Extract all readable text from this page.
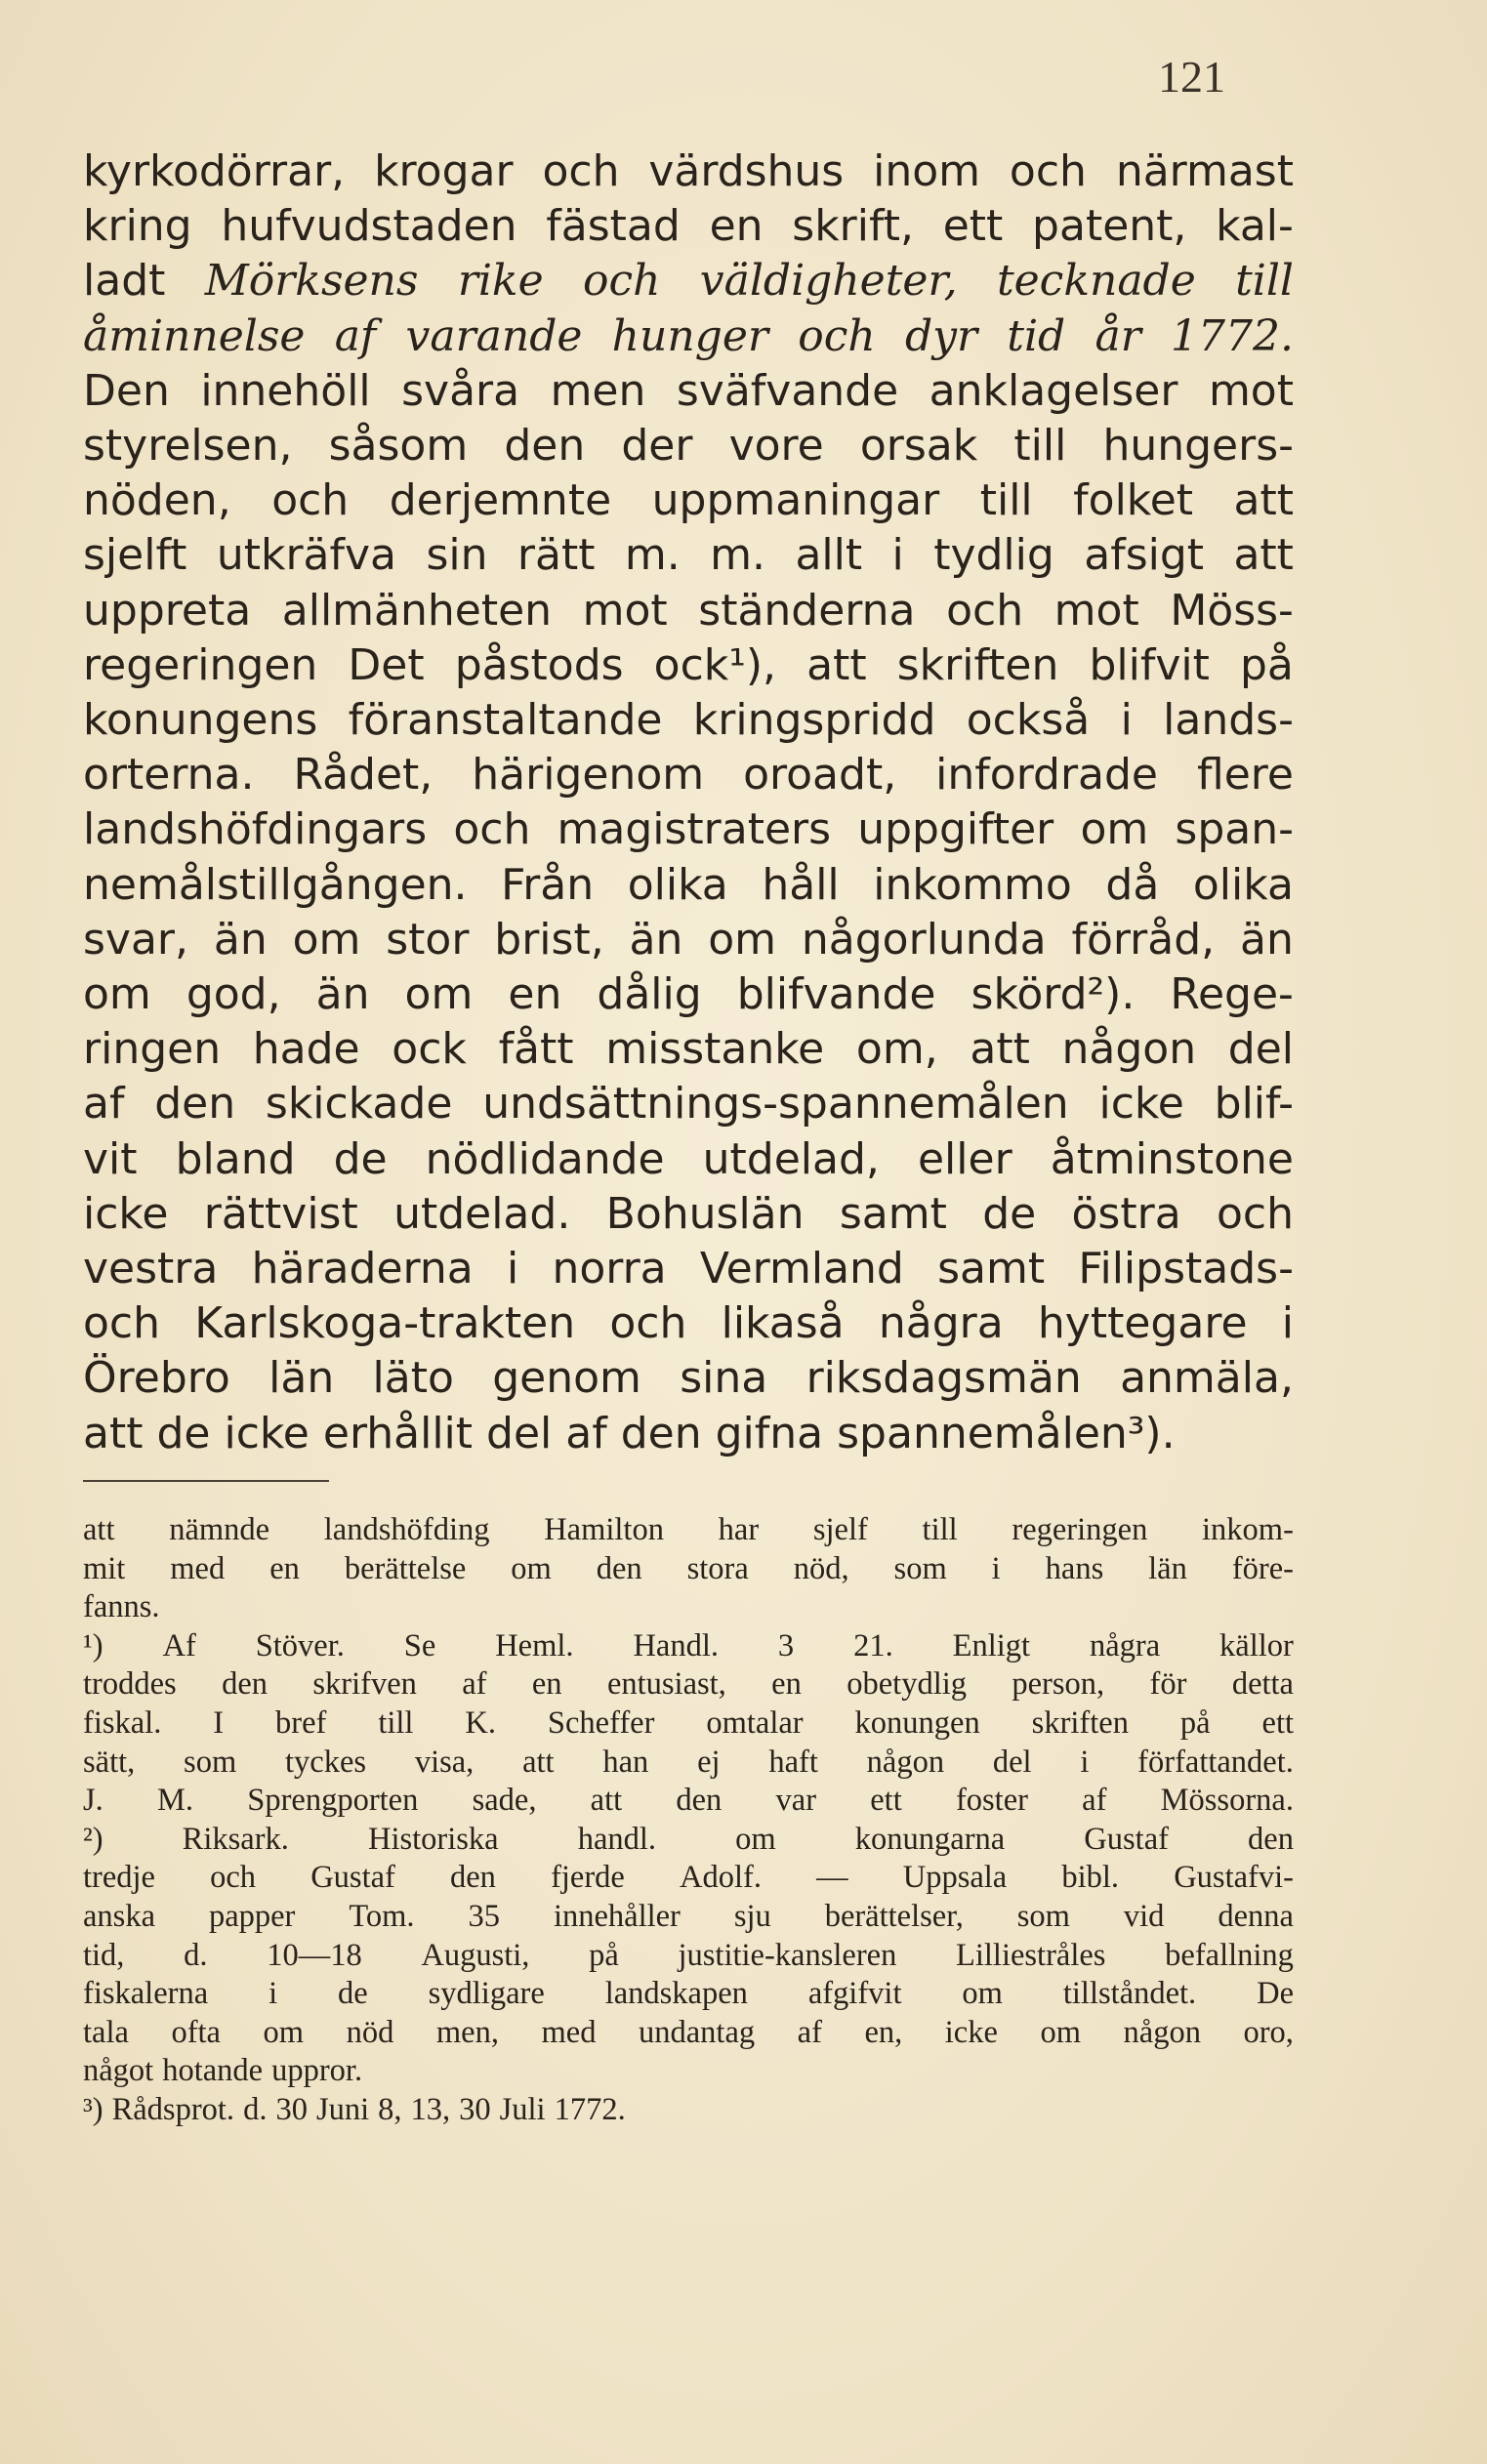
121
kyrkodörrar, krogar och värdshus inom och närmast
kring hufvudstaden fästad en skrift, ett patent, kal-
ladt Mörksens rike och väldigheter, tecknade till
åminnelse af varande hunger och dyr tid år 1772.
Den innehöll svåra men sväfvande anklagelser mot
styrelsen, såsom den der vore orsak till hungers-
nöden, och derjemnte uppmaningar till folket att
sjelft utkräfva sin rätt m. m. allt i tydlig afsigt att
uppreta allmänheten mot ständerna och mot Möss-
regeringen Det påstods ock¹), att skriften blifvit på
konungens föranstaltande kringspridd också i lands-
orterna. Rådet, härigenom oroadt, infordrade flere
landshöfdingars och magistraters uppgifter om span-
nemålstillgången. Från olika håll inkommo då olika
svar, än om stor brist, än om någorlunda förråd, än
om god, än om en dålig blifvande skörd²). Rege-
ringen hade ock fått misstanke om, att någon del
af den skickade undsättnings-spannemålen icke blif-
vit bland de nödlidande utdelad, eller åtminstone
icke rättvist utdelad. Bohuslän samt de östra och
vestra häraderna i norra Vermland samt Filipstads-
och Karlskoga-trakten och likaså några hyttegare i
Örebro län läto genom sina riksdagsmän anmäla,
att de icke erhållit del af den gifna spannemålen³).
att nämnde landshöfding Hamilton har sjelf till regeringen inkom-
mit med en berättelse om den stora nöd, som i hans län före-
fanns.
¹) Af Stöver. Se Heml. Handl. 3 21. Enligt några källor
troddes den skrifven af en entusiast, en obetydlig person, för detta
fiskal. I bref till K. Scheffer omtalar konungen skriften på ett
sätt, som tyckes visa, att han ej haft någon del i författandet.
J. M. Sprengporten sade, att den var ett foster af Mössorna.
²) Riksark. Historiska handl. om konungarna Gustaf den
tredje och Gustaf den fjerde Adolf. — Uppsala bibl. Gustafvi-
anska papper Tom. 35 innehåller sju berättelser, som vid denna
tid, d. 10—18 Augusti, på justitie-kansleren Lilliestråles befallning
fiskalerna i de sydligare landskapen afgifvit om tillståndet. De
tala ofta om nöd men, med undantag af en, icke om någon oro,
något hotande uppror.
³) Rådsprot. d. 30 Juni 8, 13, 30 Juli 1772.
